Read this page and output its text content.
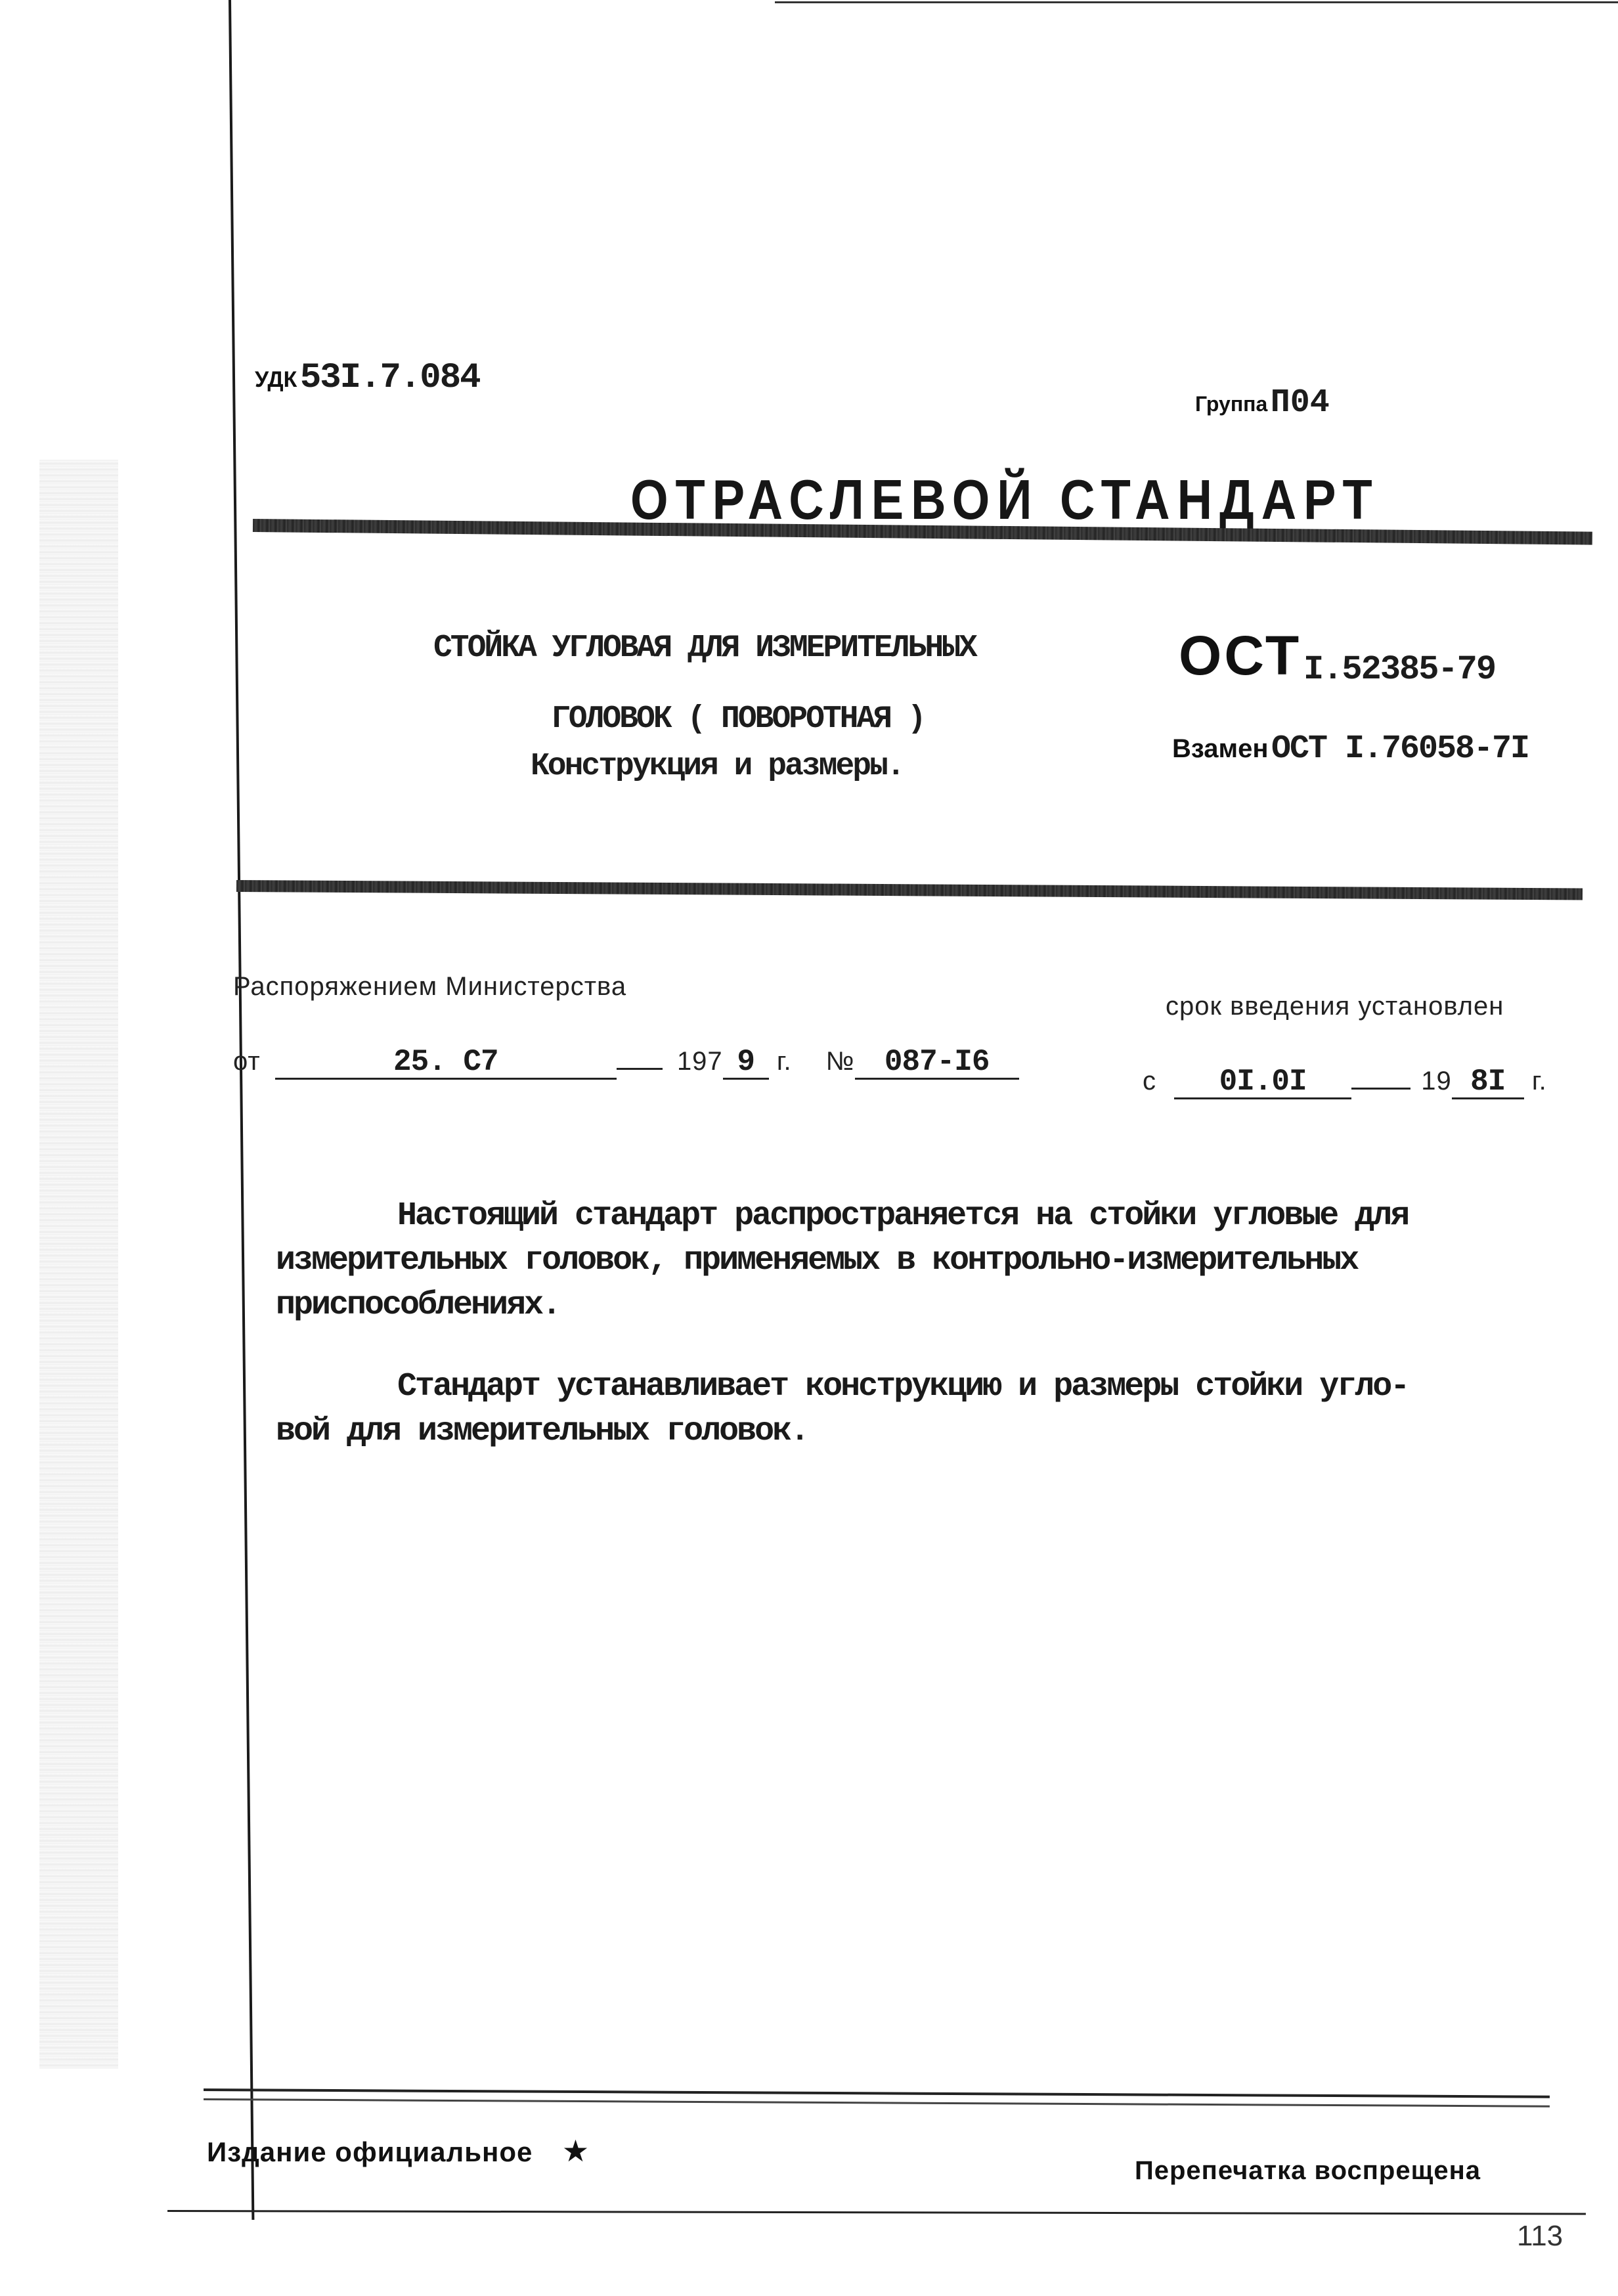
УДК 53I.7.084
Группа П04
ОТРАСЛЕВОЙ СТАНДАРТ
СТОЙКА УГЛОВАЯ ДЛЯ ИЗМЕРИТЕЛЬНЫХ
ГОЛОВОК ( ПОВОРОТНАЯ )
Конструкция и размеры.
ОСТ I.52385-79
Взамен ОСТ I.76058-7I
Распоряжением Министерства
от	25. С7	197 9 г. № 087-I6
срок введения установлен
с 0I.0I	19 8I г.
Настоящий стандарт распространяется на стойки угловые для
измерительных головок, применяемых в контрольно-измерительных
приспособлениях.
Стандарт устанавливает конструкцию и размеры стойки угло-
вой для измерительных головок.
Издание официальное ★
Перепечатка воспрещена
113
